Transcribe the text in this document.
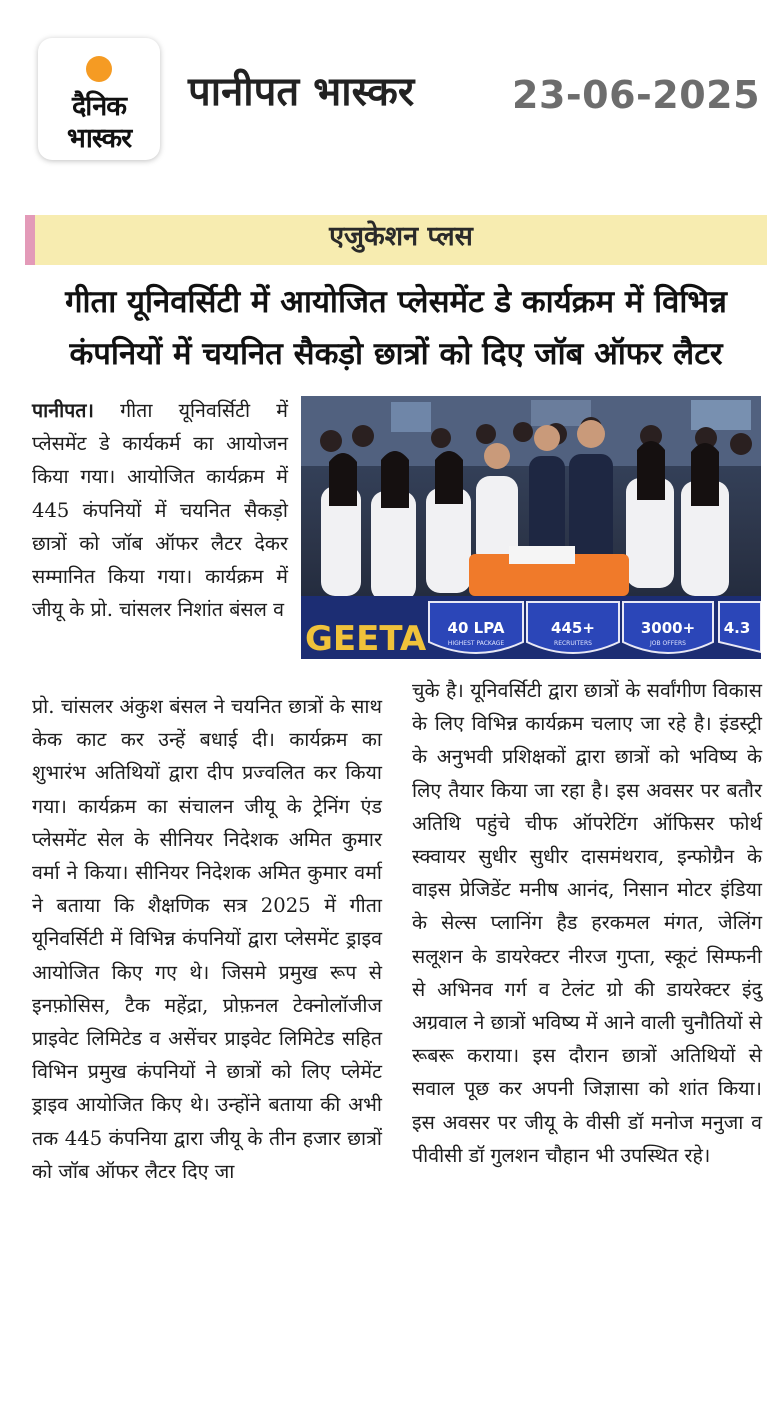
दैनिक
भास्कर
पानीपत भास्कर	23-06-2025
एजुकेशन प्लस
गीता यूनिवर्सिटी में आयोजित प्लेसमेंट डे कार्यक्रम में विभिन्न कंपनियों में चयनित सैकड़ो छात्रों को दिए जॉब ऑफर लैटर

पानीपत। गीता यूनिवर्सिटी में प्लेसमेंट डे कार्यकर्म का आयोजन किया गया। आयोजित कार्यक्रम में 445 कंपनियों में चयनित सैकड़ो छात्रों को जॉब ऑफर लैटर देकर सम्मानित किया गया। कार्यक्रम में जीयू के प्रो. चांसलर निशांत बंसल व

GEETA 40 LPA
HIGHEST PACKAGE
445+
RECRUITERS
3000+
JOB OFFERS
4.3

प्रो. चांसलर अंकुश बंसल ने चयनित छात्रों के साथ केक काट कर उन्हें बधाई दी। कार्यक्रम का शुभारंभ अतिथियों द्वारा दीप प्रज्वलित कर किया गया। कार्यक्रम का संचालन जीयू के ट्रेनिंग एंड प्लेसमेंट सेल के सीनियर निदेशक अमित कुमार वर्मा ने किया। सीनियर निदेशक अमित कुमार वर्मा ने बताया कि शैक्षणिक सत्र 2025 में गीता यूनिवर्सिटी में विभिन्न कंपनियों द्वारा प्लेसमेंट ड्राइव आयोजित किए गए थे। जिसमे प्रमुख रूप से इनफ़ोसिस, टैक महेंद्रा, प्रोफ़नल टेक्नोलॉजीज प्राइवेट लिमिटेड व असेंचर प्राइवेट लिमिटेड सहित विभिन प्रमुख कंपनियों ने छात्रों को लिए प्लेमेंट ड्राइव आयोजित किए थे। उन्होंने बताया की अभी तक 445 कंपनिया द्वारा जीयू के तीन हजार छात्रों को जॉब ऑफर लैटर दिए जा

चुके है। यूनिवर्सिटी द्वारा छात्रों के सर्वांगीण विकास के लिए विभिन्न कार्यक्रम चलाए जा रहे है। इंडस्ट्री के अनुभवी प्रशिक्षकों द्वारा छात्रों को भविष्य के लिए तैयार किया जा रहा है। इस अवसर पर बतौर अतिथि पहुंचे चीफ ऑपरेटिंग ऑफिसर फोर्थ स्क्वायर सुधीर सुधीर दासमंथराव, इन्फोग्रैन के वाइस प्रेजिडेंट मनीष आनंद, निसान मोटर इंडिया के सेल्स प्लानिंग हैड हरकमल मंगत, जेलिंग सलूशन के डायरेक्टर नीरज गुप्ता, स्कूटं सिम्फनी से अभिनव गर्ग व टेलंट ग्रो की डायरेक्टर इंदु अग्रवाल ने छात्रों भविष्य में आने वाली चुनौतियों से रूबरू कराया। इस दौरान छात्रों अतिथियों से सवाल पूछ कर अपनी जिज्ञासा को शांत किया। इस अवसर पर जीयू के वीसी डॉ मनोज मनुजा व पीवीसी डॉ गुलशन चौहान भी उपस्थित रहे।
